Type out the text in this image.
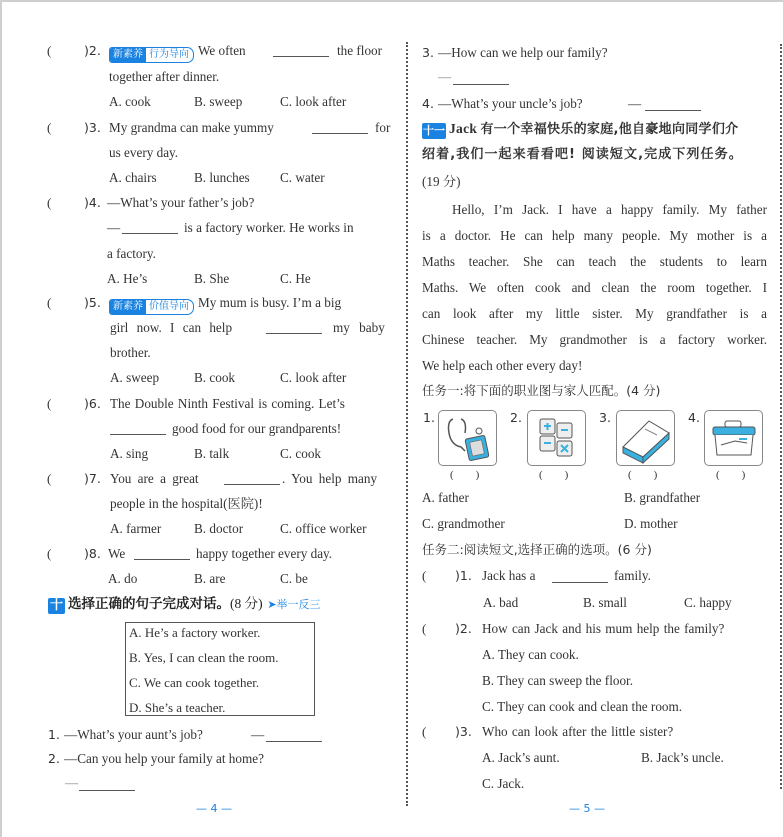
(	)2.	新素养 行为导向 We often	the floor
together after dinner.
A. cook	B. sweep	C. look after
(	)3. My grandma can make yummy	for
us every day.
A. chairs	B. lunches C. water
(	)4. —What’s your father’s job?
—	is a factory worker. He works in
a factory.
A. He’s	B. She	C. He
(	)5.	新素养 价值导向 My mum is busy. I’m a big
girl now. I can help	my baby
brother.
A. sweep	B. cook	C. look after
(	)6. The Double Ninth Festival is coming. Let’s
good food for our grandparents!
A. sing	B. talk	C. cook
(	)7. You are a great	. You help many
people in the hospital(医院)!
A. farmer B. doctor	C. office worker
(	)8. We	happy together every day.
A. do	B. are	C. be
十 选择正确的句子完成对话。(8 分) ➤举一反三
A. He’s a factory worker.
B. Yes, I can clean the room.
C. We can cook together.
D. She’s a teacher.
1. —What’s your aunt’s job?	—
2. —Can you help your family at home?
—
— 4 —
3. —How can we help our family?
—
4. —What’s your uncle’s job?	—
十一 Jack 有一个幸福快乐的家庭,他自豪地向同学们介
绍着,我们一起来看看吧! 阅读短文,完成下列任务。
(19 分)
Hello, I’m Jack. I have a happy family. My father
is a doctor. He can help many people. My mother is a
Maths teacher. She can teach the students to learn
Maths. We often cook and clean the room together. I
can look after my little sister. My grandfather is a
Chinese teacher. My grandmother is a factory worker.
We help each other every day!
任务一:将下面的职业图与家人匹配。(4 分)
1.	2.	3.	4.
(　　)	(　　)	(　　)	(　　)
A. father	B. grandfather
C. grandmother	D. mother
任务二:阅读短文,选择正确的选项。(6 分)
( )1. Jack has a	family.
A. bad	B. small	C. happy
( )2. How can Jack and his mum help the family?
A. They can cook.
B. They can sweep the floor.
C. They can cook and clean the room.
( )3. Who can look after the little sister?
A. Jack’s aunt.	B. Jack’s uncle.
C. Jack.
— 5 —
